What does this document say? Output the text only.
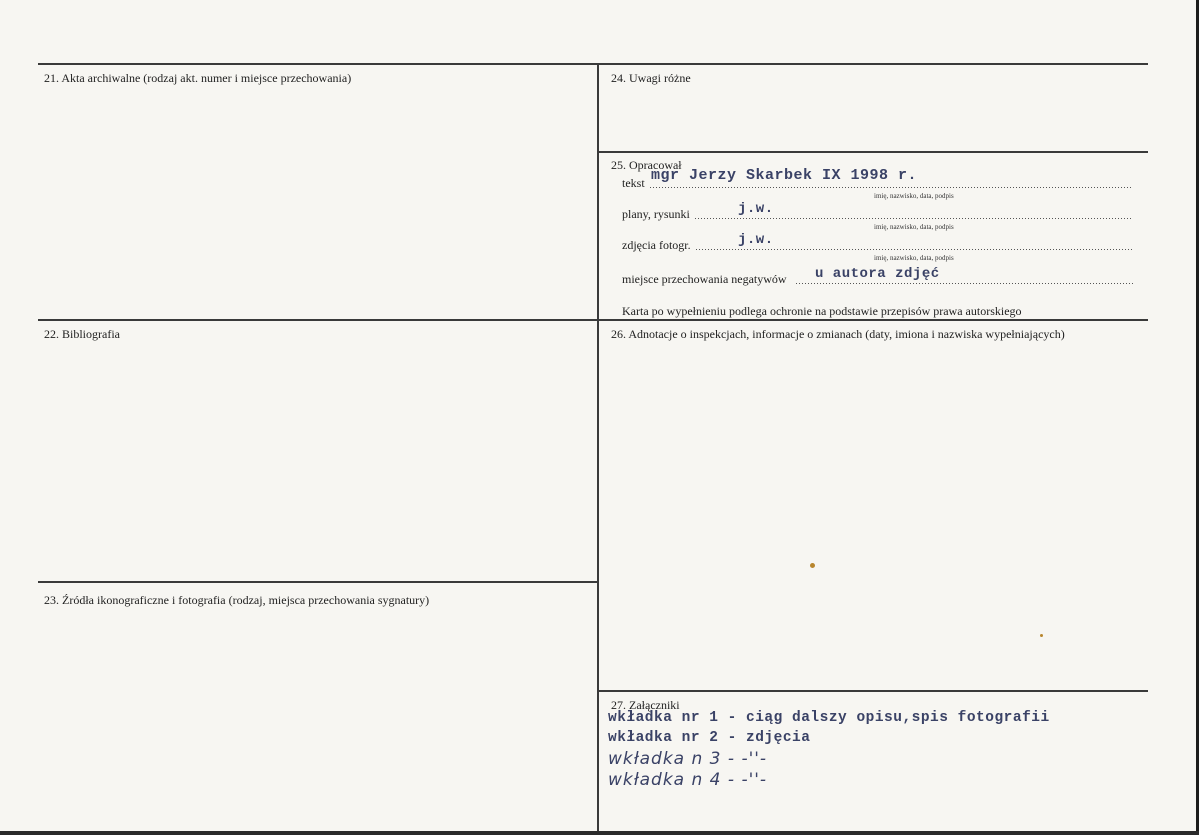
21. Akta archiwalne (rodzaj akt. numer i miejsce przechowania)
22. Bibliografia
23. Źródła ikonograficzne i fotografia (rodzaj, miejsca przechowania sygnatury)
24. Uwagi różne
25. Opracował
tekst mgr Jerzy Skarbek IX 1998 r.
imię, nazwisko, data, podpis
plany, rysunki	j.w.
imię, nazwisko, data, podpis
zdjęcia fotogr.	j.w.
imię, nazwisko, data, podpis
miejsce przechowania negatywów u autora zdjęć
Karta po wypełnieniu podlega ochronie na podstawie przepisów prawa autorskiego
26. Adnotacje o inspekcjach, informacje o zmianach (daty, imiona i nazwiska wypełniających)
27. Załączniki
wkładka nr 1 - ciąg dalszy opisu,spis fotografii
wkładka nr 2 - zdjęcia
wkładka n 3 - -''-
wkładka n 4 - -''-
